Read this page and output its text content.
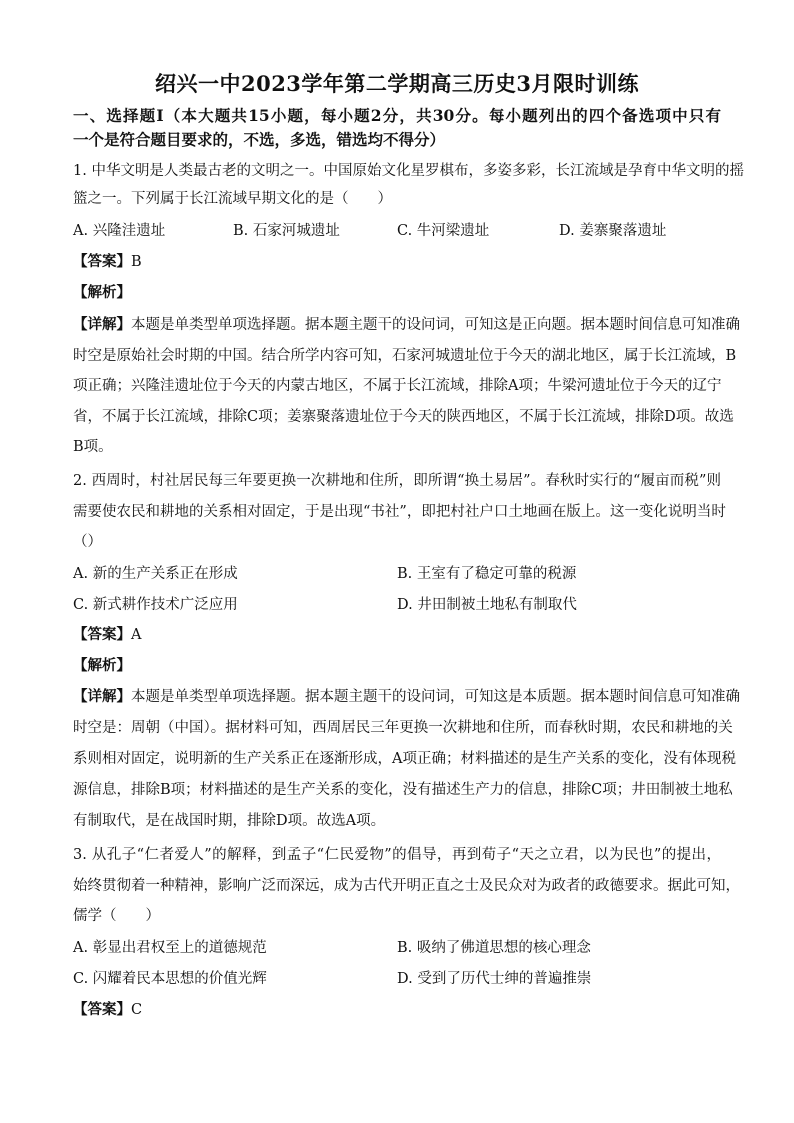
绍兴一中2023学年第二学期高三历史3月限时训练
一、选择题Ⅰ（本大题共15小题，每小题2分，共30分。每小题列出的四个备选项中只有
一个是符合题目要求的，不选，多选，错选均不得分）
1. 中华文明是人类最古老的文明之一。中国原始文化星罗棋布，多姿多彩，长江流域是孕育中华文明的摇
篮之一。下列属于长江流域早期文化的是（　　）
A. 兴隆洼遗址	B. 石家河城遗址	C. 牛河梁遗址	D. 姜寨聚落遗址
【答案】B
【解析】
【详解】本题是单类型单项选择题。据本题主题干的设问词，可知这是正向题。据本题时间信息可知准确
时空是原始社会时期的中国。结合所学内容可知，石家河城遗址位于今天的湖北地区，属于长江流域，B
项正确；兴隆洼遗址位于今天的内蒙古地区，不属于长江流域，排除A项；牛梁河遗址位于今天的辽宁
省，不属于长江流域，排除C项；姜寨聚落遗址位于今天的陕西地区，不属于长江流域，排除D项。故选
B项。
2. 西周时，村社居民每三年要更换一次耕地和住所，即所谓“换土易居”。春秋时实行的“履亩而税”则
需要使农民和耕地的关系相对固定，于是出现“书社”，即把村社户口土地画在版上。这一变化说明当时
（）
A. 新的生产关系正在形成	B. 王室有了稳定可靠的税源
C. 新式耕作技术广泛应用	D. 井田制被土地私有制取代
【答案】A
【解析】
【详解】本题是单类型单项选择题。据本题主题干的设问词，可知这是本质题。据本题时间信息可知准确
时空是：周朝（中国）。据材料可知，西周居民三年更换一次耕地和住所，而春秋时期，农民和耕地的关
系则相对固定，说明新的生产关系正在逐渐形成，A项正确；材料描述的是生产关系的变化，没有体现税
源信息，排除B项；材料描述的是生产关系的变化，没有描述生产力的信息，排除C项；井田制被土地私
有制取代，是在战国时期，排除D项。故选A项。
3. 从孔子“仁者爱人”的解释，到孟子“仁民爱物”的倡导，再到荀子“天之立君，以为民也”的提出，
始终贯彻着一种精神，影响广泛而深远，成为古代开明正直之士及民众对为政者的政德要求。据此可知，
儒学（　　）
A. 彰显出君权至上的道德规范	B. 吸纳了佛道思想的核心理念
C. 闪耀着民本思想的价值光辉	D. 受到了历代士绅的普遍推崇
【答案】C
